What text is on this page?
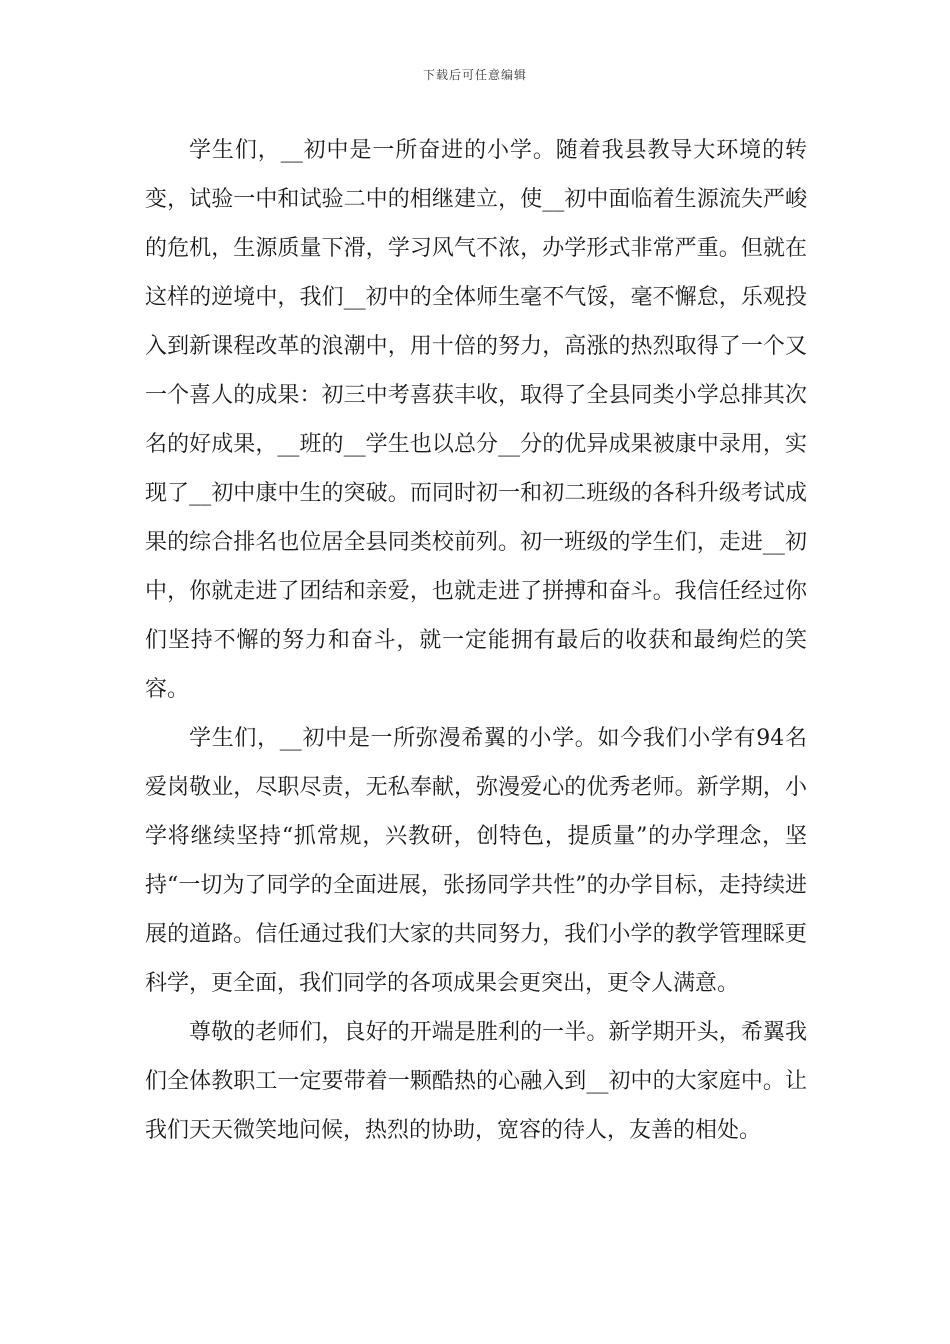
下载后可任意编辑

学生们，__初中是一所奋进的小学。随着我县教导大环境的转变，试验一中和试验二中的相继建立，使__初中面临着生源流失严峻的危机，生源质量下滑，学习风气不浓，办学形式非常严重。但就在这样的逆境中，我们__初中的全体师生毫不气馁，毫不懈怠，乐观投入到新课程改革的浪潮中，用十倍的努力，高涨的热烈取得了一个又一个喜人的成果：初三中考喜获丰收，取得了全县同类小学总排其次名的好成果，__班的__学生也以总分__分的优异成果被康中录用，实现了__初中康中生的突破。而同时初一和初二班级的各科升级考试成果的综合排名也位居全县同类校前列。初一班级的学生们，走进__初中，你就走进了团结和亲爱，也就走进了拼搏和奋斗。我信任经过你们坚持不懈的努力和奋斗，就一定能拥有最后的收获和最绚烂的笑容。

学生们，__初中是一所弥漫希翼的小学。如今我们小学有94名爱岗敬业，尽职尽责，无私奉献，弥漫爱心的优秀老师。新学期，小学将继续坚持“抓常规，兴教研，创特色，提质量”的办学理念，坚持“一切为了同学的全面进展，张扬同学共性”的办学目标，走持续进展的道路。信任通过我们大家的共同努力，我们小学的教学管理睬更科学，更全面，我们同学的各项成果会更突出，更令人满意。

尊敬的老师们，良好的开端是胜利的一半。新学期开头，希翼我们全体教职工一定要带着一颗酷热的心融入到__初中的大家庭中。让我们天天微笑地问候，热烈的协助，宽容的待人，友善的相处。
